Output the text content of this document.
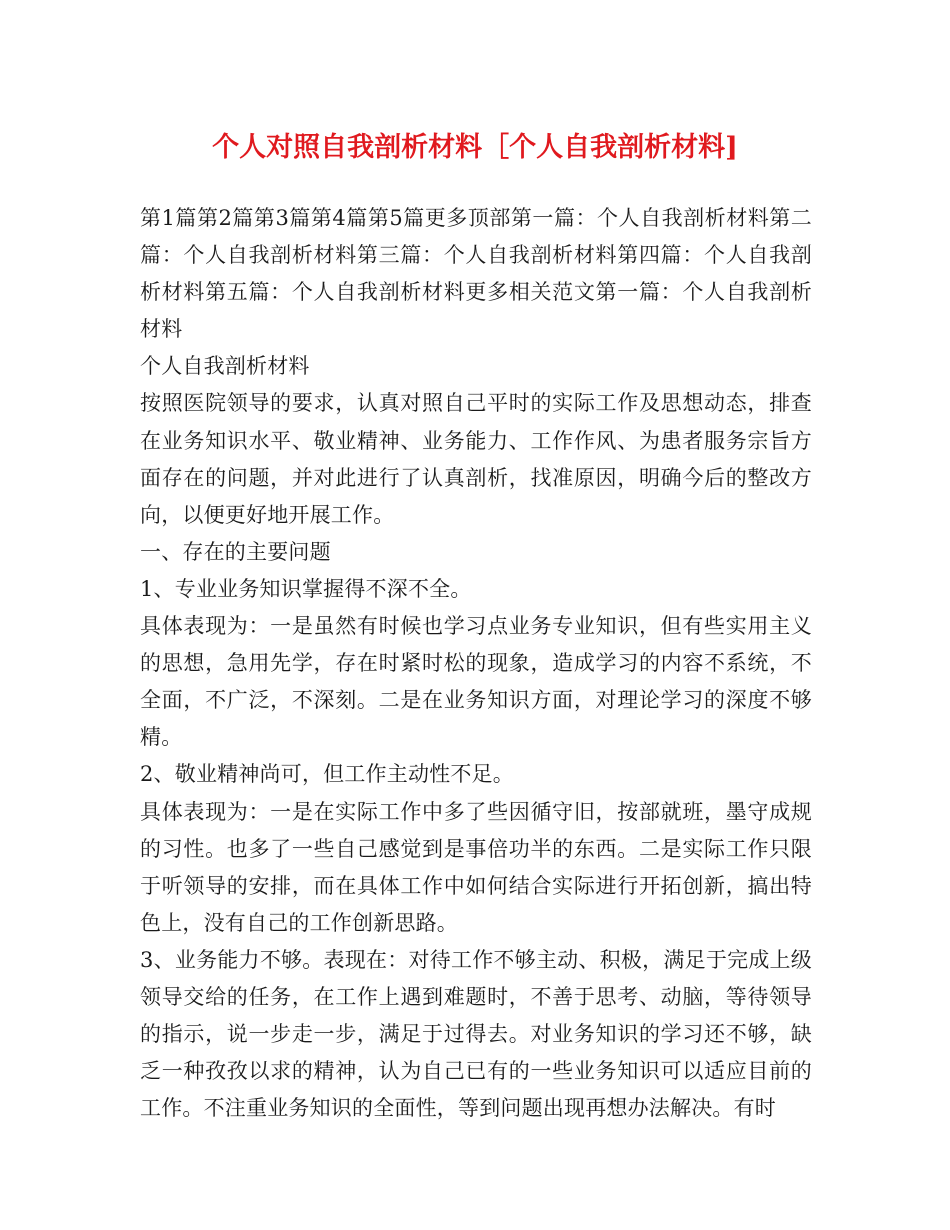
个人对照自我剖析材料［个人自我剖析材料]

第1篇第2篇第3篇第4篇第5篇更多顶部第一篇：个人自我剖析材料第二篇：个人自我剖析材料第三篇：个人自我剖析材料第四篇：个人自我剖析材料第五篇：个人自我剖析材料更多相关范文第一篇：个人自我剖析材料

个人自我剖析材料

按照医院领导的要求，认真对照自己平时的实际工作及思想动态，排查在业务知识水平、敬业精神、业务能力、工作作风、为患者服务宗旨方面存在的问题，并对此进行了认真剖析，找准原因，明确今后的整改方向，以便更好地开展工作。

一、存在的主要问题

1、专业业务知识掌握得不深不全。

具体表现为：一是虽然有时候也学习点业务专业知识，但有些实用主义的思想，急用先学，存在时紧时松的现象，造成学习的内容不系统，不全面，不广泛，不深刻。二是在业务知识方面，对理论学习的深度不够精。

2、敬业精神尚可，但工作主动性不足。

具体表现为：一是在实际工作中多了些因循守旧，按部就班，墨守成规的习性。也多了一些自己感觉到是事倍功半的东西。二是实际工作只限于听领导的安排，而在具体工作中如何结合实际进行开拓创新，搞出特色上，没有自己的工作创新思路。

3、业务能力不够。表现在：对待工作不够主动、积极，满足于完成上级领导交给的任务，在工作上遇到难题时，不善于思考、动脑，等待领导的指示，说一步走一步，满足于过得去。对业务知识的学习还不够，缺乏一种孜孜以求的精神，认为自己已有的一些业务知识可以适应目前的工作。不注重业务知识的全面性，等到问题出现再想办法解决。有时
